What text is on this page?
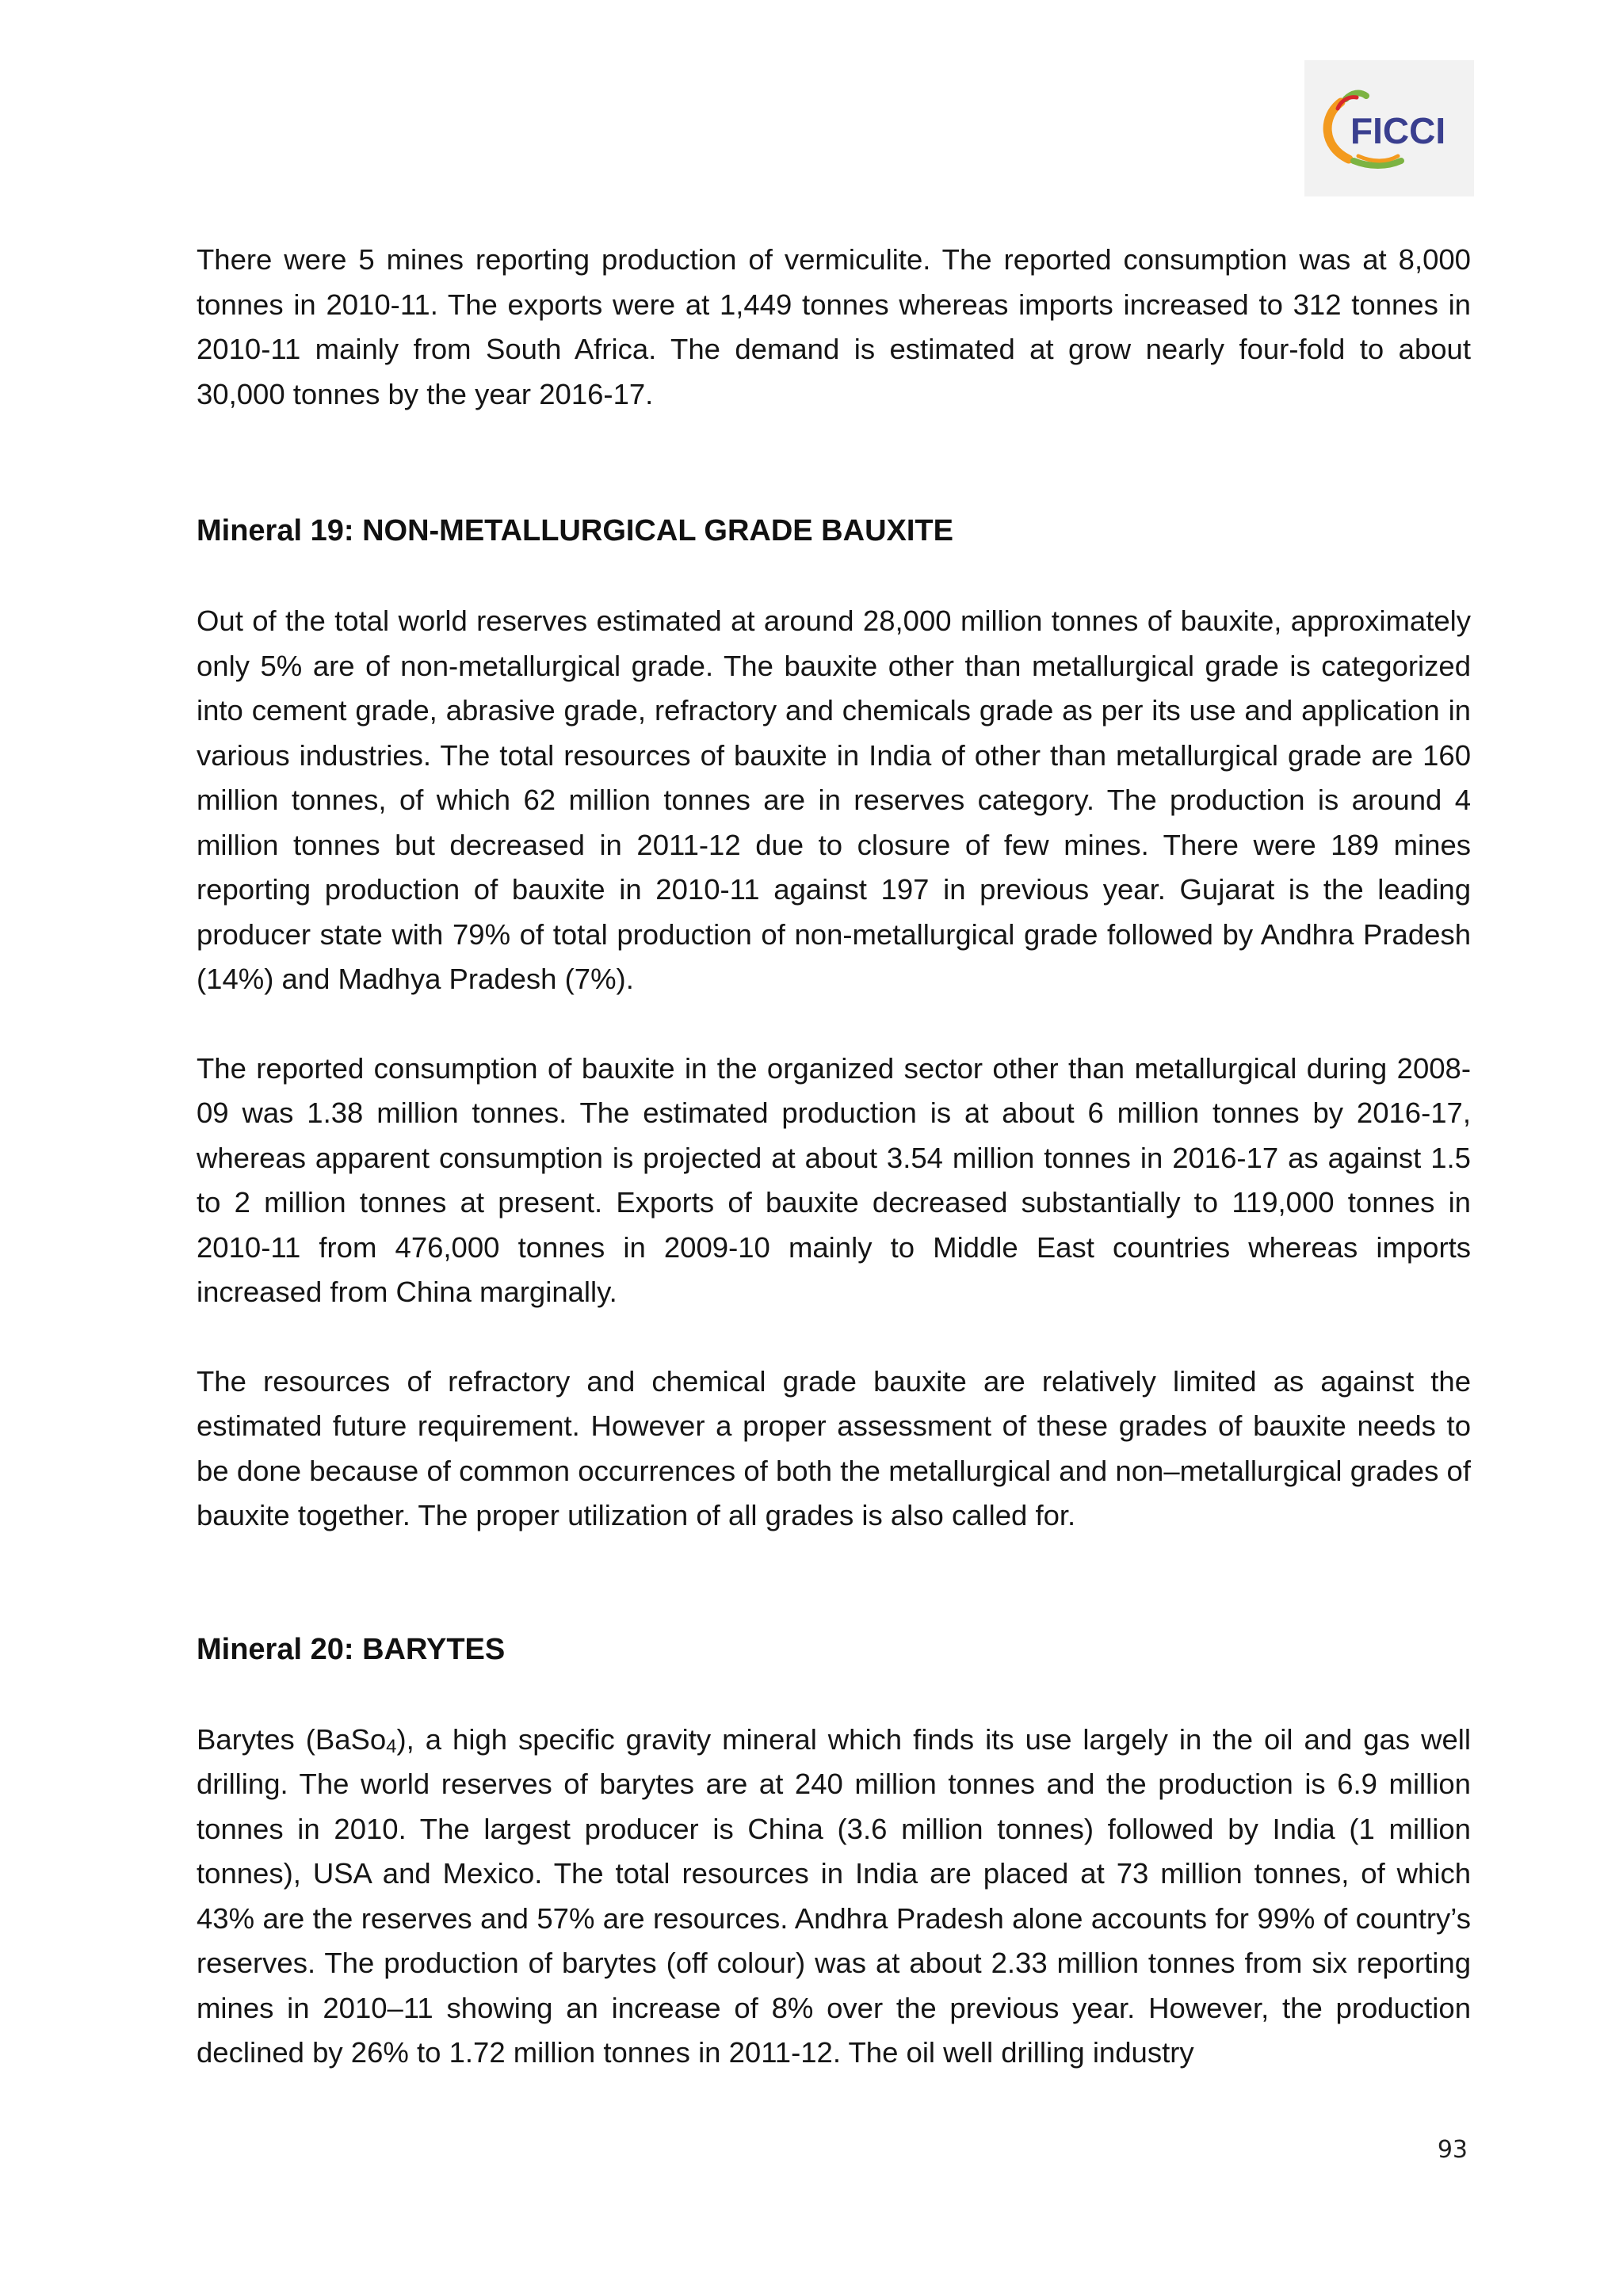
FICCI

There were 5 mines reporting production of vermiculite. The reported consumption was at 8,000 tonnes in 2010-11. The exports were at 1,449 tonnes whereas imports increased to 312 tonnes in 2010-11 mainly from South Africa. The demand is estimated at grow nearly four-fold to about 30,000 tonnes by the year 2016-17.

Mineral 19: NON-METALLURGICAL GRADE BAUXITE

Out of the total world reserves estimated at around 28,000 million tonnes of bauxite, approximately only 5% are of non-metallurgical grade. The bauxite other than metallurgical grade is categorized into cement grade, abrasive grade, refractory and chemicals grade as per its use and application in various industries. The total resources of bauxite in India of other than metallurgical grade are 160 million tonnes, of which 62 million tonnes are in reserves category. The production is around 4 million tonnes but decreased in 2011-12 due to closure of few mines. There were 189 mines reporting production of bauxite in 2010-11 against 197 in previous year. Gujarat is the leading producer state with 79% of total production of non-metallurgical grade followed by Andhra Pradesh (14%) and Madhya Pradesh (7%).

The reported consumption of bauxite in the organized sector other than metallurgical during 2008-09 was 1.38 million tonnes. The estimated production is at about 6 million tonnes by 2016-17, whereas apparent consumption is projected at about 3.54 million tonnes in 2016-17 as against 1.5 to 2 million tonnes at present. Exports of bauxite decreased substantially to 119,000 tonnes in 2010-11 from 476,000 tonnes in 2009-10 mainly to Middle East countries whereas imports increased from China marginally.

The resources of refractory and chemical grade bauxite are relatively limited as against the estimated future requirement. However a proper assessment of these grades of bauxite needs to be done because of common occurrences of both the metallurgical and non–metallurgical grades of bauxite together. The proper utilization of all grades is also called for.

Mineral 20: BARYTES

Barytes (BaSo$_4$), a high specific gravity mineral which finds its use largely in the oil and gas well drilling. The world reserves of barytes are at 240 million tonnes and the production is 6.9 million tonnes in 2010. The largest producer is China (3.6 million tonnes) followed by India (1 million tonnes), USA and Mexico. The total resources in India are placed at 73 million tonnes, of which 43% are the reserves and 57% are resources. Andhra Pradesh alone accounts for 99% of country’s reserves. The production of barytes (off colour) was at about 2.33 million tonnes from six reporting mines in 2010–11 showing an increase of 8% over the previous year. However, the production declined by 26% to 1.72 million tonnes in 2011-12. The oil well drilling industry

93
